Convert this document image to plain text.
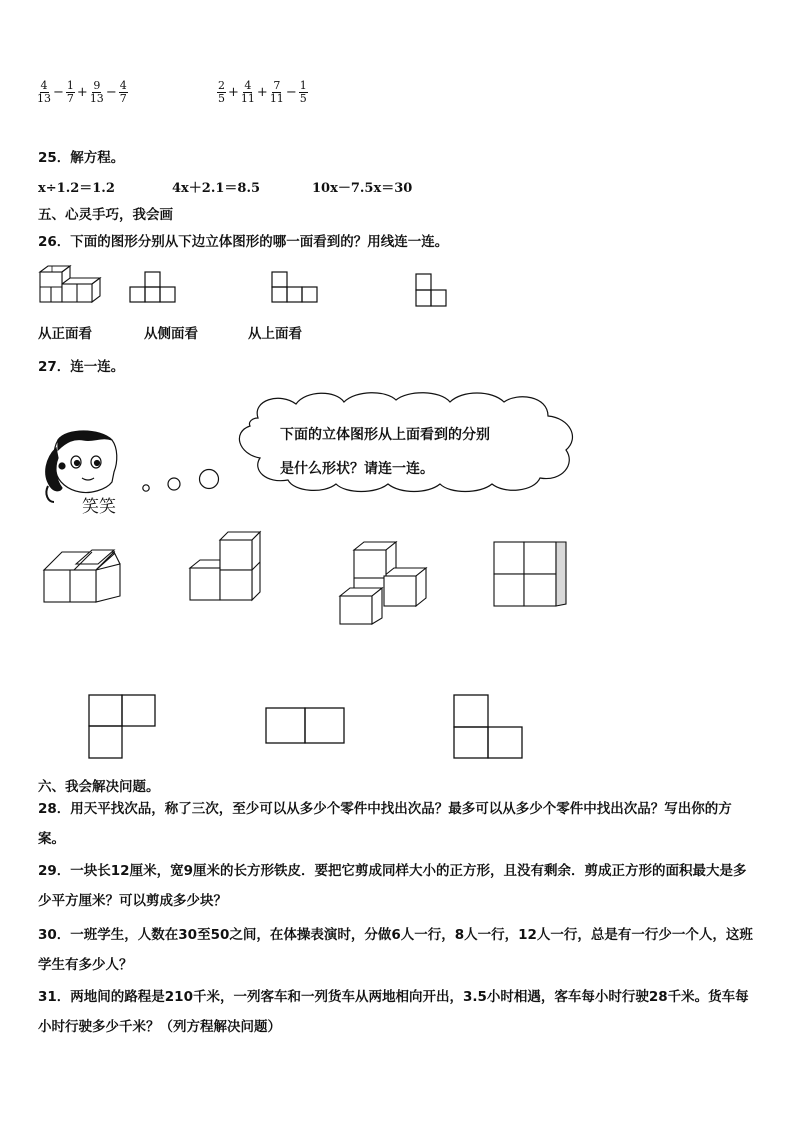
$\frac{4}{13} - \frac{1}{7} + \frac{9}{13} - \frac{4}{7}$	$\frac{2}{5} + \frac{4}{11} + \frac{7}{11} - \frac{1}{5}$
25．解方程。
x÷1.2＝1.2	4x＋2.1＝8.5	10x－7.5x＝30
五、心灵手巧，我会画
26．下面的图形分别从下边立体图形的哪一面看到的？用线连一连。
从正面看	从侧面看	从上面看
27．连一连。
笑笑
下面的立体图形从上面看到的分别
是什么形状？请连一连。
六、我会解决问题。
28．用天平找次品，称了三次，至少可以从多少个零件中找出次品？最多可以从多少个零件中找出次品？写出你的方案。
29．一块长12厘米，宽9厘米的长方形铁皮．要把它剪成同样大小的正方形，且没有剩余．剪成正方形的面积最大是多少平方厘米？可以剪成多少块？
30．一班学生，人数在30至50之间，在体操表演时，分做6人一行，8人一行，12人一行，总是有一行少一个人，这班学生有多少人？
31．两地间的路程是210千米，一列客车和一列货车从两地相向开出，3.5小时相遇，客车每小时行驶28千米。货车每小时行驶多少千米？（列方程解决问题）
